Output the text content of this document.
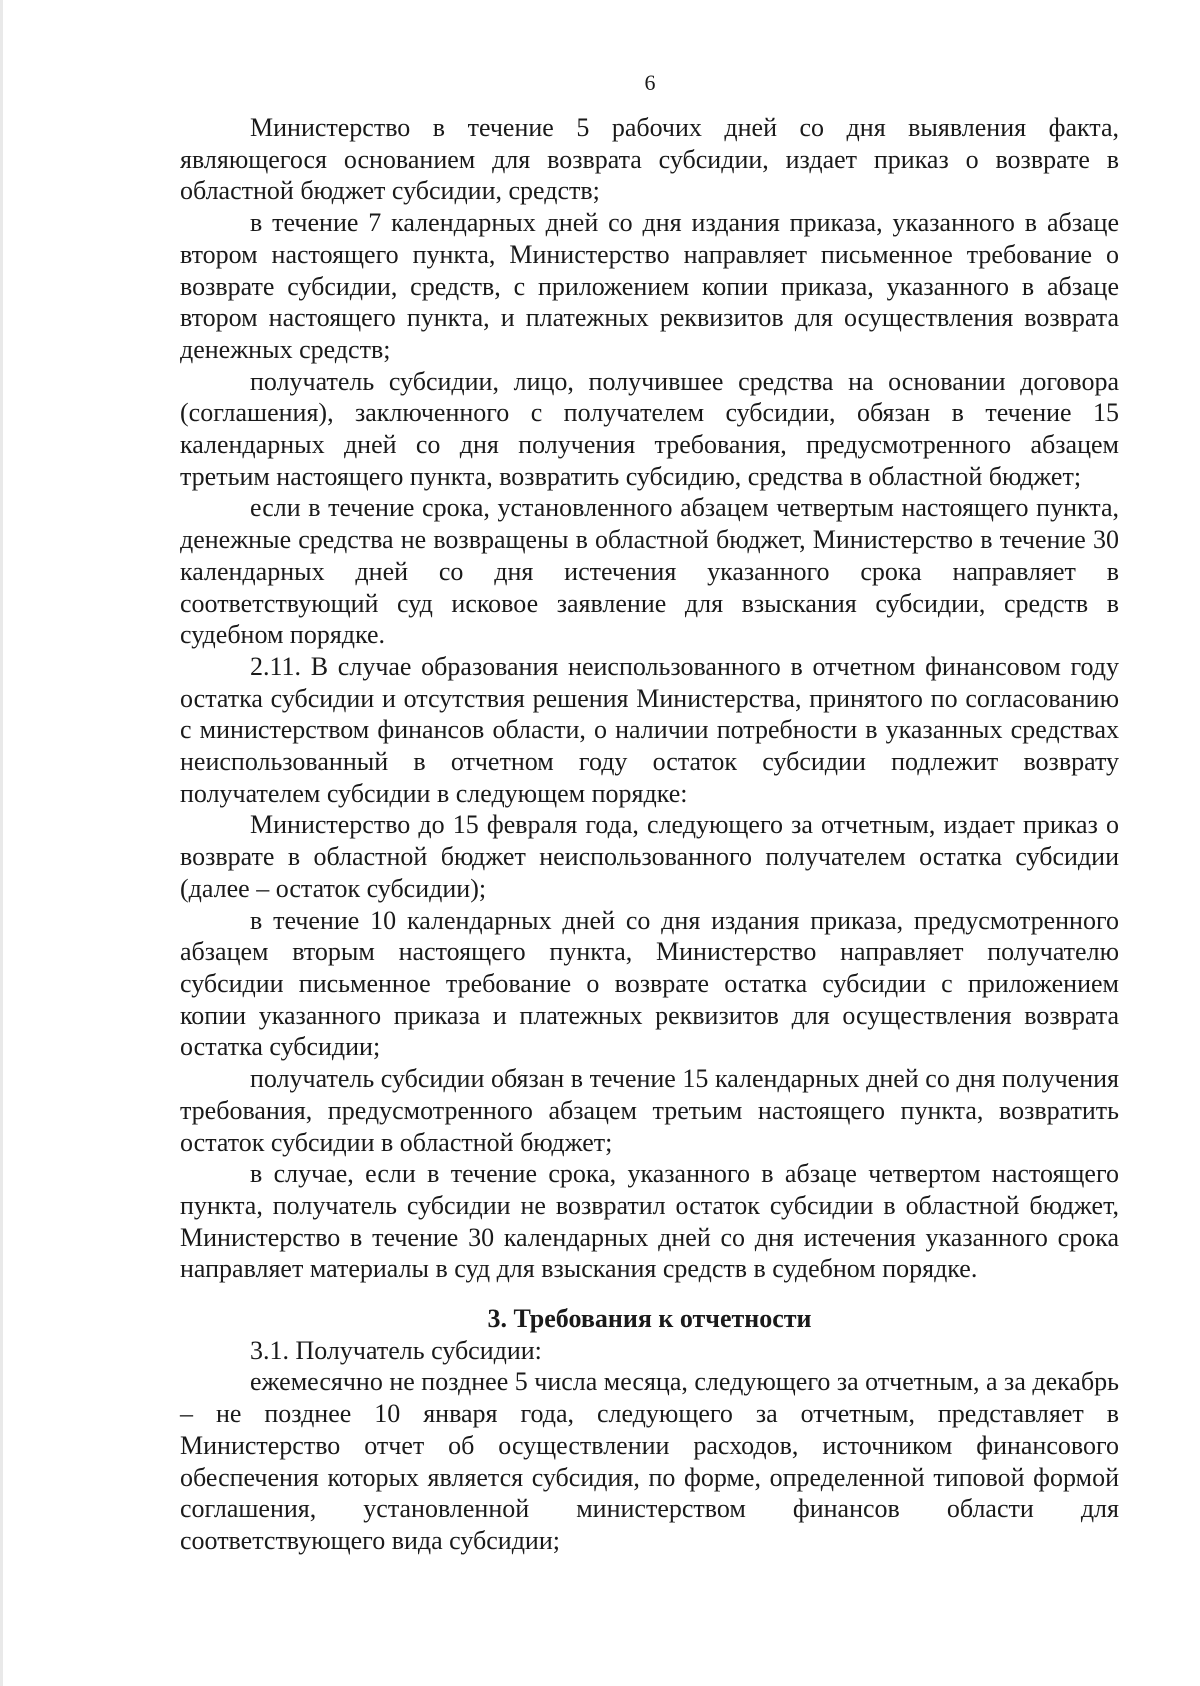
6

Министерство в течение 5 рабочих дней со дня выявления факта, являющегося основанием для возврата субсидии, издает приказ о возврате в областной бюджет субсидии, средств;

в течение 7 календарных дней со дня издания приказа, указанного в абзаце втором настоящего пункта, Министерство направляет письменное требование о возврате субсидии, средств, с приложением копии приказа, указанного в абзаце втором настоящего пункта, и платежных реквизитов для осуществления возврата денежных средств;

получатель субсидии, лицо, получившее средства на основании договора (соглашения), заключенного с получателем субсидии, обязан в течение 15 календарных дней со дня получения требования, предусмотренного абзацем третьим настоящего пункта, возвратить субсидию, средства в областной бюджет;

если в течение срока, установленного абзацем четвертым настоящего пункта, денежные средства не возвращены в областной бюджет, Министерство в течение 30 календарных дней со дня истечения указанного срока направляет в соответствующий суд исковое заявление для взыскания субсидии, средств в судебном порядке.

2.11. В случае образования неиспользованного в отчетном финансовом году остатка субсидии и отсутствия решения Министерства, принятого по согласованию с министерством финансов области, о наличии потребности в указанных средствах неиспользованный в отчетном году остаток субсидии подлежит возврату получателем субсидии в следующем порядке:

Министерство до 15 февраля года, следующего за отчетным, издает приказ о возврате в областной бюджет неиспользованного получателем остатка субсидии (далее – остаток субсидии);

в течение 10 календарных дней со дня издания приказа, предусмотренного абзацем вторым настоящего пункта, Министерство направляет получателю субсидии письменное требование о возврате остатка субсидии с приложением копии указанного приказа и платежных реквизитов для осуществления возврата остатка субсидии;

получатель субсидии обязан в течение 15 календарных дней со дня получения требования, предусмотренного абзацем третьим настоящего пункта, возвратить остаток субсидии в областной бюджет;

в случае, если в течение срока, указанного в абзаце четвертом настоящего пункта, получатель субсидии не возвратил остаток субсидии в областной бюджет, Министерство в течение 30 календарных дней со дня истечения указанного срока направляет материалы в суд для взыскания средств в судебном порядке.

3. Требования к отчетности

3.1. Получатель субсидии:

ежемесячно не позднее 5 числа месяца, следующего за отчетным, а за декабрь – не позднее 10 января года, следующего за отчетным, представляет в Министерство отчет об осуществлении расходов, источником финансового обеспечения которых является субсидия, по форме, определенной типовой формой соглашения, установленной министерством финансов области для соответствующего вида субсидии;
